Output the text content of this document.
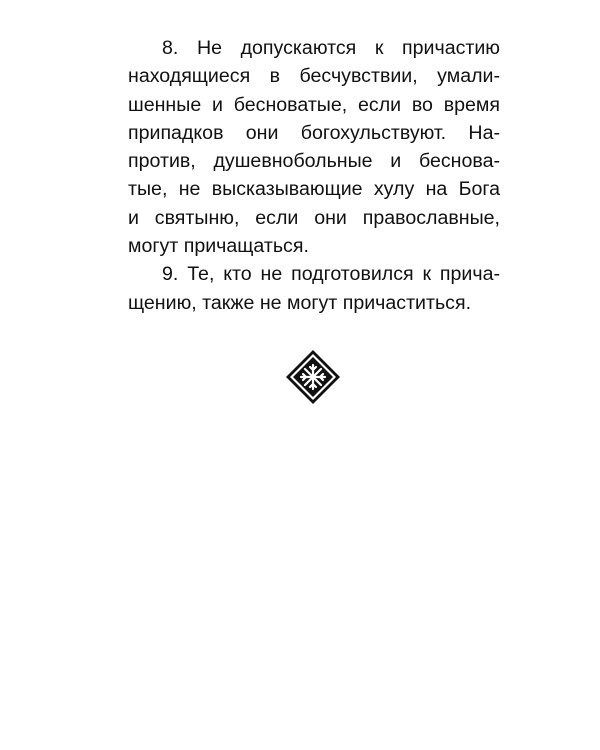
8. Не допускаются к причастию
находящиеся в бесчувствии, умали-
шенные и бесноватые, если во время
припадков они богохульствуют. На-
против, душевнобольные и беснова-
тые, не высказывающие хулу на Бога
и святыню, если они православные,
могут причащаться.
9. Те, кто не подготовился к прича-
щению, также не могут причаститься.
